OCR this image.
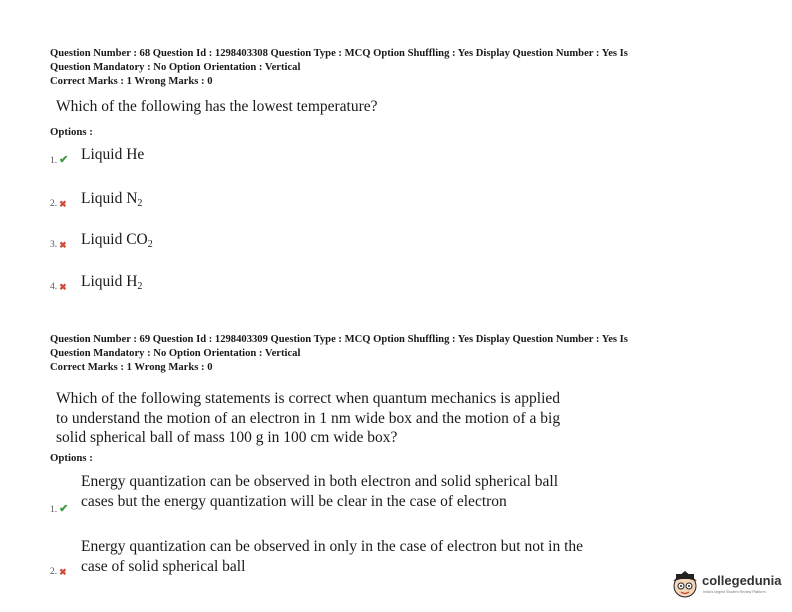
Question Number : 68 Question Id : 1298403308 Question Type : MCQ Option Shuffling : Yes Display Question Number : Yes Is
Question Mandatory : No Option Orientation : Vertical
Correct Marks : 1 Wrong Marks : 0
Which of the following has the lowest temperature?
Options :
1. ✔ Liquid He
2. ✖ Liquid $N_2$
3. ✖ Liquid $CO_2$
4. ✖ Liquid $H_2$
Question Number : 69 Question Id : 1298403309 Question Type : MCQ Option Shuffling : Yes Display Question Number : Yes Is
Question Mandatory : No Option Orientation : Vertical
Correct Marks : 1 Wrong Marks : 0
Which of the following statements is correct when quantum mechanics is applied
to understand the motion of an electron in 1 nm wide box and the motion of a big
solid spherical ball of mass 100 g in 100 cm wide box?
Options :
Energy quantization can be observed in both electron and solid spherical ball
cases but the energy quantization will be clear in the case of electron
1. ✔
Energy quantization can be observed in only in the case of electron but not in the
case of solid spherical ball
2. ✖
collegedunia
India's largest Student Review Platform
